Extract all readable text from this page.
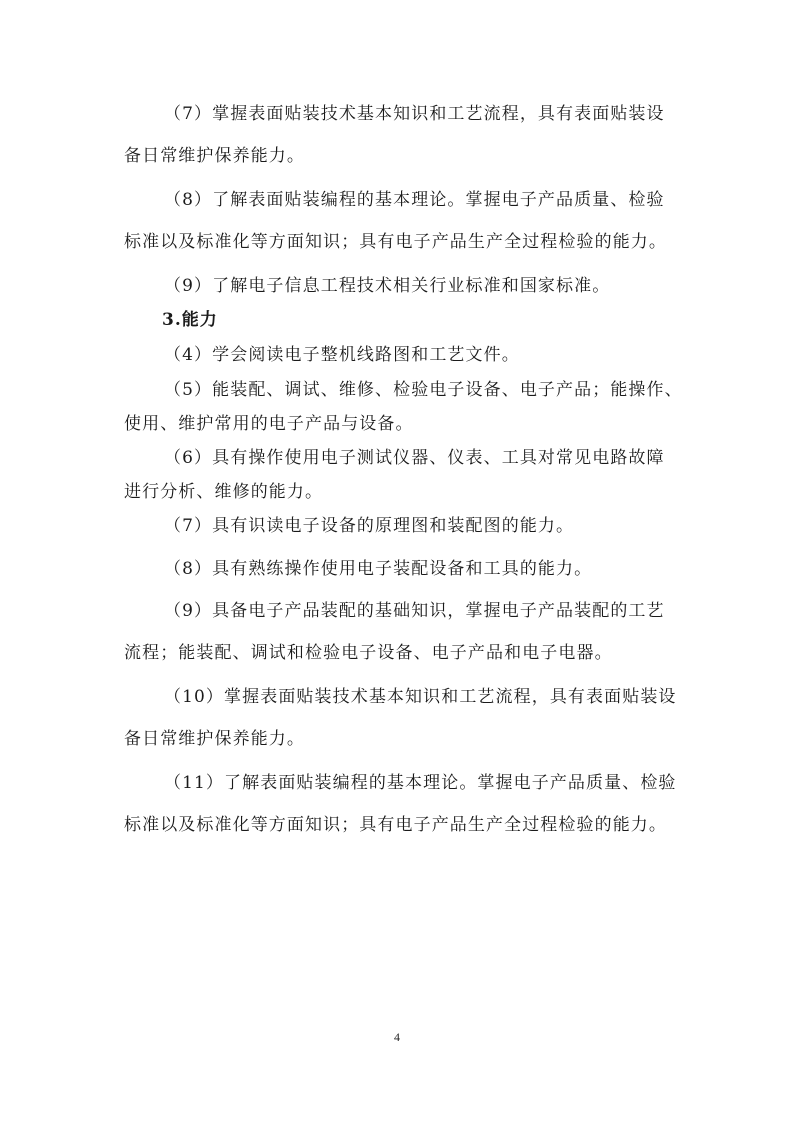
（7）掌握表面贴装技术基本知识和工艺流程，具有表面贴装设
备日常维护保养能力。

（8）了解表面贴装编程的基本理论。掌握电子产品质量、检验
标准以及标准化等方面知识；具有电子产品生产全过程检验的能力。

（9）了解电子信息工程技术相关行业标准和国家标准。

3.能力

（4）学会阅读电子整机线路图和工艺文件。

（5）能装配、调试、维修、检验电子设备、电子产品；能操作、
使用、维护常用的电子产品与设备。

（6）具有操作使用电子测试仪器、仪表、工具对常见电路故障
进行分析、维修的能力。

（7）具有识读电子设备的原理图和装配图的能力。

（8）具有熟练操作使用电子装配设备和工具的能力。

（9）具备电子产品装配的基础知识，掌握电子产品装配的工艺
流程；能装配、调试和检验电子设备、电子产品和电子电器。

（10）掌握表面贴装技术基本知识和工艺流程，具有表面贴装设
备日常维护保养能力。

（11）了解表面贴装编程的基本理论。掌握电子产品质量、检验
标准以及标准化等方面知识；具有电子产品生产全过程检验的能力。

4
